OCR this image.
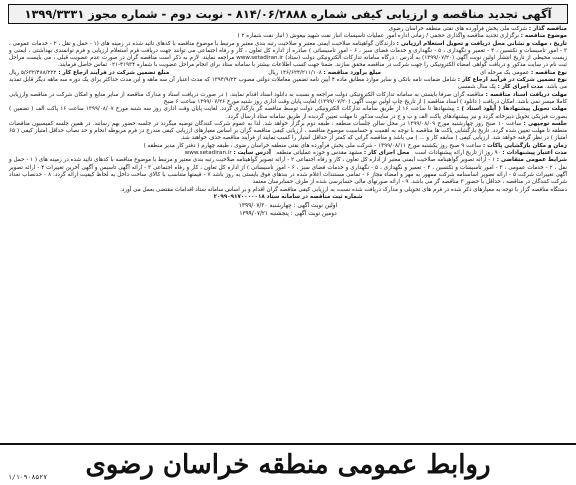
آگهی تجدید مناقصه و ارزیابی کیفی شماره ۸۱۴/۰۶/۲۸۸۸ - نوبت دوم - شماره مجوز ۱۳۹۹/۳۳۳۱

مناقصه گذار : شرکت ملی پخش فرآورده های نفتی منطقه خراسان رضوی

موضوع مناقصه : برگزاری تجدید مناقصه واگذاری حجمی / زمانی اداره امور عملیات تاسیسات انبار نفت شهید بیغوش ( انبار نفت شماره ۲ )

تاریخ ، مهلت و نشانی محل دریافت و تحویل استعلام ارزیابی : دارندگان گواهینامه صلاحیت ایمنی معتبر و صلاحیت رتبه بندی معتبر و مرتبط با موضوع مناقصه با کدهای تائید شده در زمینه های (۱ - حمل و نقل ، ۲ - خدمات عمومی ، ۳ - امور تاسیسات و تکنسین ، ۴ - تعمیر و نگهداری ، ۵ - نگهداری و خدمات فضای سبز ، ۶ - امور تاسیساتی ) صادره از اداره کل تعاون ، کار و رفاه اجتماعی می توانند جهت دریافت فرم استعلام ارزیابی و فرم توانمندی بهداشتی ، ایمنی و زیست محیطی از تاریخ انتشار اولین نوبت آگهی (۱۳۹۹/۰۷/۲۰) به آدرس : درگاه سامانه تدارکات الکترونیکی دولت (ستاد) www.setadiran.ir مراجعه نمایند. لازم به ذکر است مناقصه گران در صورت عدم عضویت قبلی ، می بایست مراحل ثبت نام در سایت مذکور و دریافت گواهی امضاء الکترونیکی را جهت شرکت در مناقصه محقق سازند. ضمنا جهت کسب اطلاعات بیشتر با سامانه ستاد برای انجام مراحل عضویت با شماره ۴۱۹۳۴-۰۲۱ تماس حاصل فرمایند.

نوع مناقصه : عمومی یک مرحله ای
مبلغ برآورد مناقصه : ۱۴۶/۶۲۴/۲۱۱/۱۰۸ ریال
مبلغ تضمین شرکت در فرآیند ارجاع کار : ۵/۶۳۲/۴۸۸/۲۲۲ ریال

نوع تضمین شرکت در فرآیند ارجاع کار : شامل ضمانت نامه بانکی و سایر موارد مطابق ماده ۴ آیین نامه تضمین معاملات دولتی مصوب ۱۳۹۴/۹/۲۲ که مدت اعتبار آن سه ماهه و این مدت حداکثر برای یک دوره سه ماهه دیگر قابل تمدید می باشد. مدت اجرای کار : یک سال شمسی

مهلت دریافت اسناد مناقصه : مناقصه گران صرفا بایستی به سامانه تدارکات الکترونیکی دولت مراجعه و نسبت به دانلود اسناد اقدام نمایند. ( در صورت دریافت اسناد و مدارک مناقصه از سایر منابع و امکان شرکت در مناقصه وارزیابی کاملا میسر نمی باشد. امکان دریافت ( دانلود ) اسناد مناقصه ( از تاریخ چاپ اولین نوبت آگهی (۱۳۹۹/۰۷/۲۰) لغایت پایان وقت اداری روز شنبه مورخ ۱۳۹۹/۰۷/۲۶ ساعت ۶ صبح

مهلت تحویل پیشنهادها ( آپلود اسناد ) : پیشنهادها تا ساعت ۱۶ از طریق سامانه تدارکات الکترونیکی دولت توسط مناقصه گر بارگذاری گردد. لغایت پایان وقت اداری روز سه شنبه مورخ ۱۳۹۹/۰۸/۰۷ ساعت ۱۶ پاکت الف ( تضمین ) بصورت فیزیکی تحویل دبیرخانه گردد و نیز پیشنهادهای پاکت الف و ب و ج در سایت مذکور تا مهلت تعیین گردیده از طریق سامانه ستاد ارسال گردد.

جلسه توجیهی : ساعت ۱۰ صبح روز چهارشنبه مورخ ۱۳۹۹/۰۸/۰۹ در محل سالن جلسات منطقه ، طبقه دوم برگزار خواهد شد. لذا به عموم شرکت کنندگان توصیه میگردد در جلسه حضور بهم رسانند. در همین جلسه کمیسیون مناقصات منطقه تا مهلت تعیین شده گردد. تاریخ بازگشایی پاکت ها مناقصه با توجه به اهمیت و حساسیت موضوع مناقصه ، ارزیابی کیفی مناقصه گران بر اساس معیارهای ارزیابی کیفی مندرج در فرم مربوطه انجام و حد نصاب حداقل امتیاز کیفی ( ۶۵ امتیاز ) در نظر گرفته خواهد شد. ارزیابی کیفی ( سابقه کار و ... ) می باشد و مناقصه گرانی که کمتر از حداقل امتیاز را کسب نمایند از فرآیند مناقصه حذف خواهند شد.

زمان و مکان بازگشایی پاکات : ساعت ۹ صبح روز یکشنبه مورخ ۱۳۹۹/۰۸/۱۱ - شرکت ملی پخش فرآورده های نفتی منطقه خراسان رضوی ، طبقه چهارم ( دفتر کار مدیر منطقه )

مدت اعتبار پیشنهادات : ۹۰ روز از تاریخ ارائه پیشنهادات است   محل اجرای کار : مشهد مقدس و حوزه عملیاتی منطقه   آدرس سایت : www.setadiran.ir

شرایط عمومی متقاضی : ۱ - ارائه تصویر گواهینامه صلاحیت ایمنی معتبر از اداره کل تعاون ، کار و رفاه اجتماعی ۲ - ارائه تصویر گواهینامه صلاحیت رتبه بندی معتبر و مرتبط با موضوع مناقصه با کدهای تائید شده در زمینه های ( ۱ - حمل و نقل ، ۲ - خدمات عمومی ، ۳ - امور تاسیسات و تکنسین ، ۴ - تعمیر و نگهداری ، ۵ - نگهداری و خدمات فضای سبز ، ۶ - امور تاسیساتی ) از اداره کل تعاون ، کار و رفاه اجتماعی ۳ - ارائه آگهی تاسیس و آگهی آخرین تغییرات ۴ - ارائه تصویر آگهی تغییرات شرکت ۵ - ارائه تصویر اساسنامه شرکت ممهور به مهر و امضاء مجاز ۶ - تمامی مستندات اعلام شده در بندهای فوق بایستی به روز باشد ۷ - قیمتها متناسب با کالای ساخت داخل به لحاظ کیفیت ارائه گردد. ۸ - حدنصاب تعداد شرکت کنندگان در مناقصه ، حداقل با حضور ۳ مناقصه گر می باشد. ۹ - ارائه صورتهای مالی حسابرسی شده از طرف حسابرسان معتمد

دستگاه مناقصه گزار با توجه به معیارهای ذکر شده در فرم های تحویلی و مدارک دریافت شده نسبت به ارزیابی کیفی مناقصه گران اقدام و بر اساس سامانه ستاد اقدامات مقتضی بعمل می آورد.

شماره ثبت مناقصه در سامانه ستاد ۲۰۹۹۰۹۱۷۰۰۰۰۰۱۸

اولین نوبت آگهی : چهارشنبه ۱۳۹۹/۰۷/۲۰
دومین نوبت آگهی : پنجشنبه ۱۳۹۹/۰۷/۲۱
روابط عمومی منطقه خراسان رضوی
۱/۱۰۹۰۸۵۲۷
